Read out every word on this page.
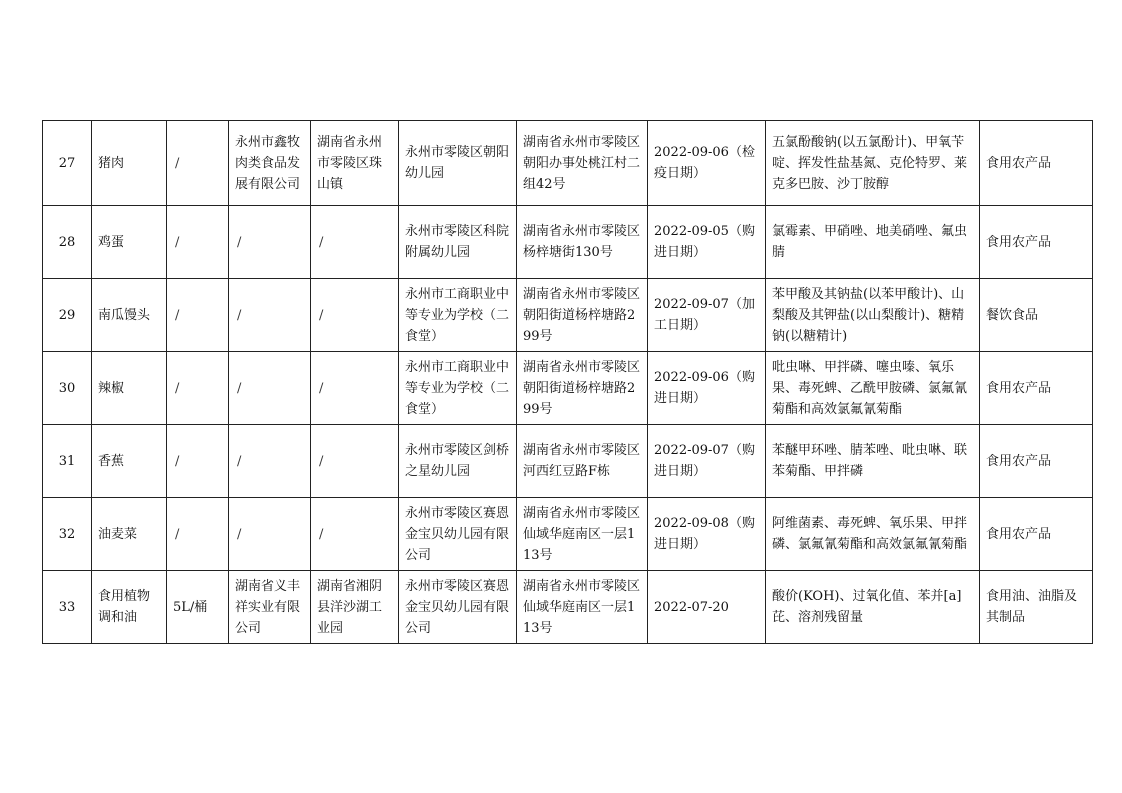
27	猪肉	/	永州市鑫牧肉类食品发展有限公司	湖南省永州市零陵区珠山镇	永州市零陵区朝阳幼儿园	湖南省永州市零陵区朝阳办事处桃江村二组42号	2022-09-06（检疫日期）	五氯酚酸钠(以五氯酚计)、甲氧苄啶、挥发性盐基氮、克伦特罗、莱克多巴胺、沙丁胺醇	食用农产品
28	鸡蛋	/	/	/	永州市零陵区科院附属幼儿园	湖南省永州市零陵区杨梓塘街130号	2022-09-05（购进日期）	氯霉素、甲硝唑、地美硝唑、氟虫腈	食用农产品
29	南瓜馒头	/	/	/	永州市工商职业中等专业为学校（二食堂）	湖南省永州市零陵区朝阳街道杨梓塘路299号	2022-09-07（加工日期）	苯甲酸及其钠盐(以苯甲酸计)、山梨酸及其钾盐(以山梨酸计)、糖精钠(以糖精计)	餐饮食品
30	辣椒	/	/	/	永州市工商职业中等专业为学校（二食堂）	湖南省永州市零陵区朝阳街道杨梓塘路299号	2022-09-06（购进日期）	吡虫啉、甲拌磷、噻虫嗪、氧乐果、毒死蜱、乙酰甲胺磷、氯氟氰菊酯和高效氯氟氰菊酯	食用农产品
31	香蕉	/	/	/	永州市零陵区剑桥之星幼儿园	湖南省永州市零陵区河西红豆路F栋	2022-09-07（购进日期）	苯醚甲环唑、腈苯唑、吡虫啉、联苯菊酯、甲拌磷	食用农产品
32	油麦菜	/	/	/	永州市零陵区赛恩金宝贝幼儿园有限公司	湖南省永州市零陵区仙域华庭南区一层113号	2022-09-08（购进日期）	阿维菌素、毒死蜱、氧乐果、甲拌磷、氯氟氰菊酯和高效氯氟氰菊酯	食用农产品
33	食用植物调和油	5L/桶	湖南省义丰祥实业有限公司	湖南省湘阴县洋沙湖工业园	永州市零陵区赛恩金宝贝幼儿园有限公司	湖南省永州市零陵区仙域华庭南区一层113号	2022-07-20	酸价(KOH)、过氧化值、苯并[a]芘、溶剂残留量	食用油、油脂及其制品
